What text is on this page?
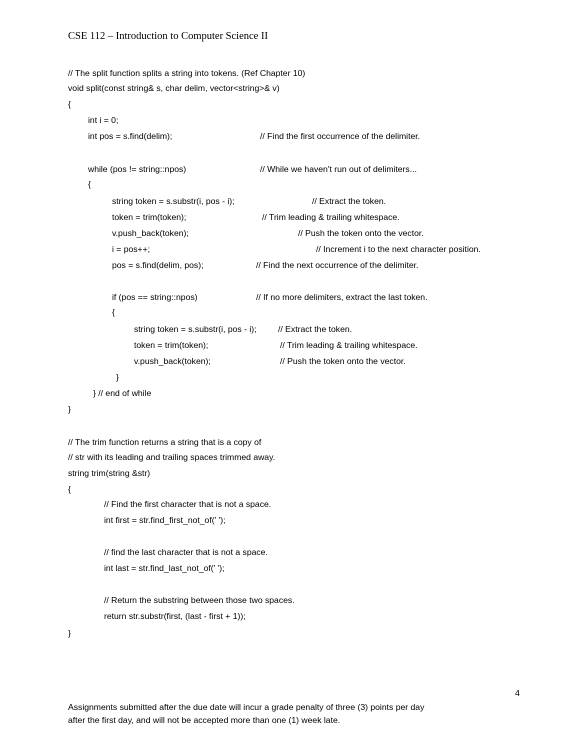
CSE 112 – Introduction to Computer Science II
// The split function splits a string into tokens. (Ref Chapter 10)
void split(const string& s, char delim, vector<string>& v)
{
int i = 0;
int pos = s.find(delim);	// Find the first occurrence of the delimiter.
while (pos != string::npos)	// While we haven't run out of delimiters...
{
string token = s.substr(i, pos - i);	// Extract the token.
token = trim(token);	// Trim leading & trailing whitespace.
v.push_back(token);	// Push the token onto the vector.
i = pos++;	// Increment i to the next character position.
pos = s.find(delim, pos);	// Find the next occurrence of the delimiter.
if (pos == string::npos)	// If no more delimiters, extract the last token.
{
string token = s.substr(i, pos - i); // Extract the token.
token = trim(token);	// Trim leading & trailing whitespace.
v.push_back(token);	// Push the token onto the vector.
}
} // end of while
}
// The trim function returns a string that is a copy of
// str with its leading and trailing spaces trimmed away.
string trim(string &str)
{
// Find the first character that is not a space.
int first = str.find_first_not_of(' ');
// find the last character that is not a space.
int last = str.find_last_not_of(' ');
// Return the substring between those two spaces.
return str.substr(first, (last - first + 1));
}
4
Assignments submitted after the due date will incur a grade penalty of three (3) points per day
after the first day, and will not be accepted more than one (1) week late.
